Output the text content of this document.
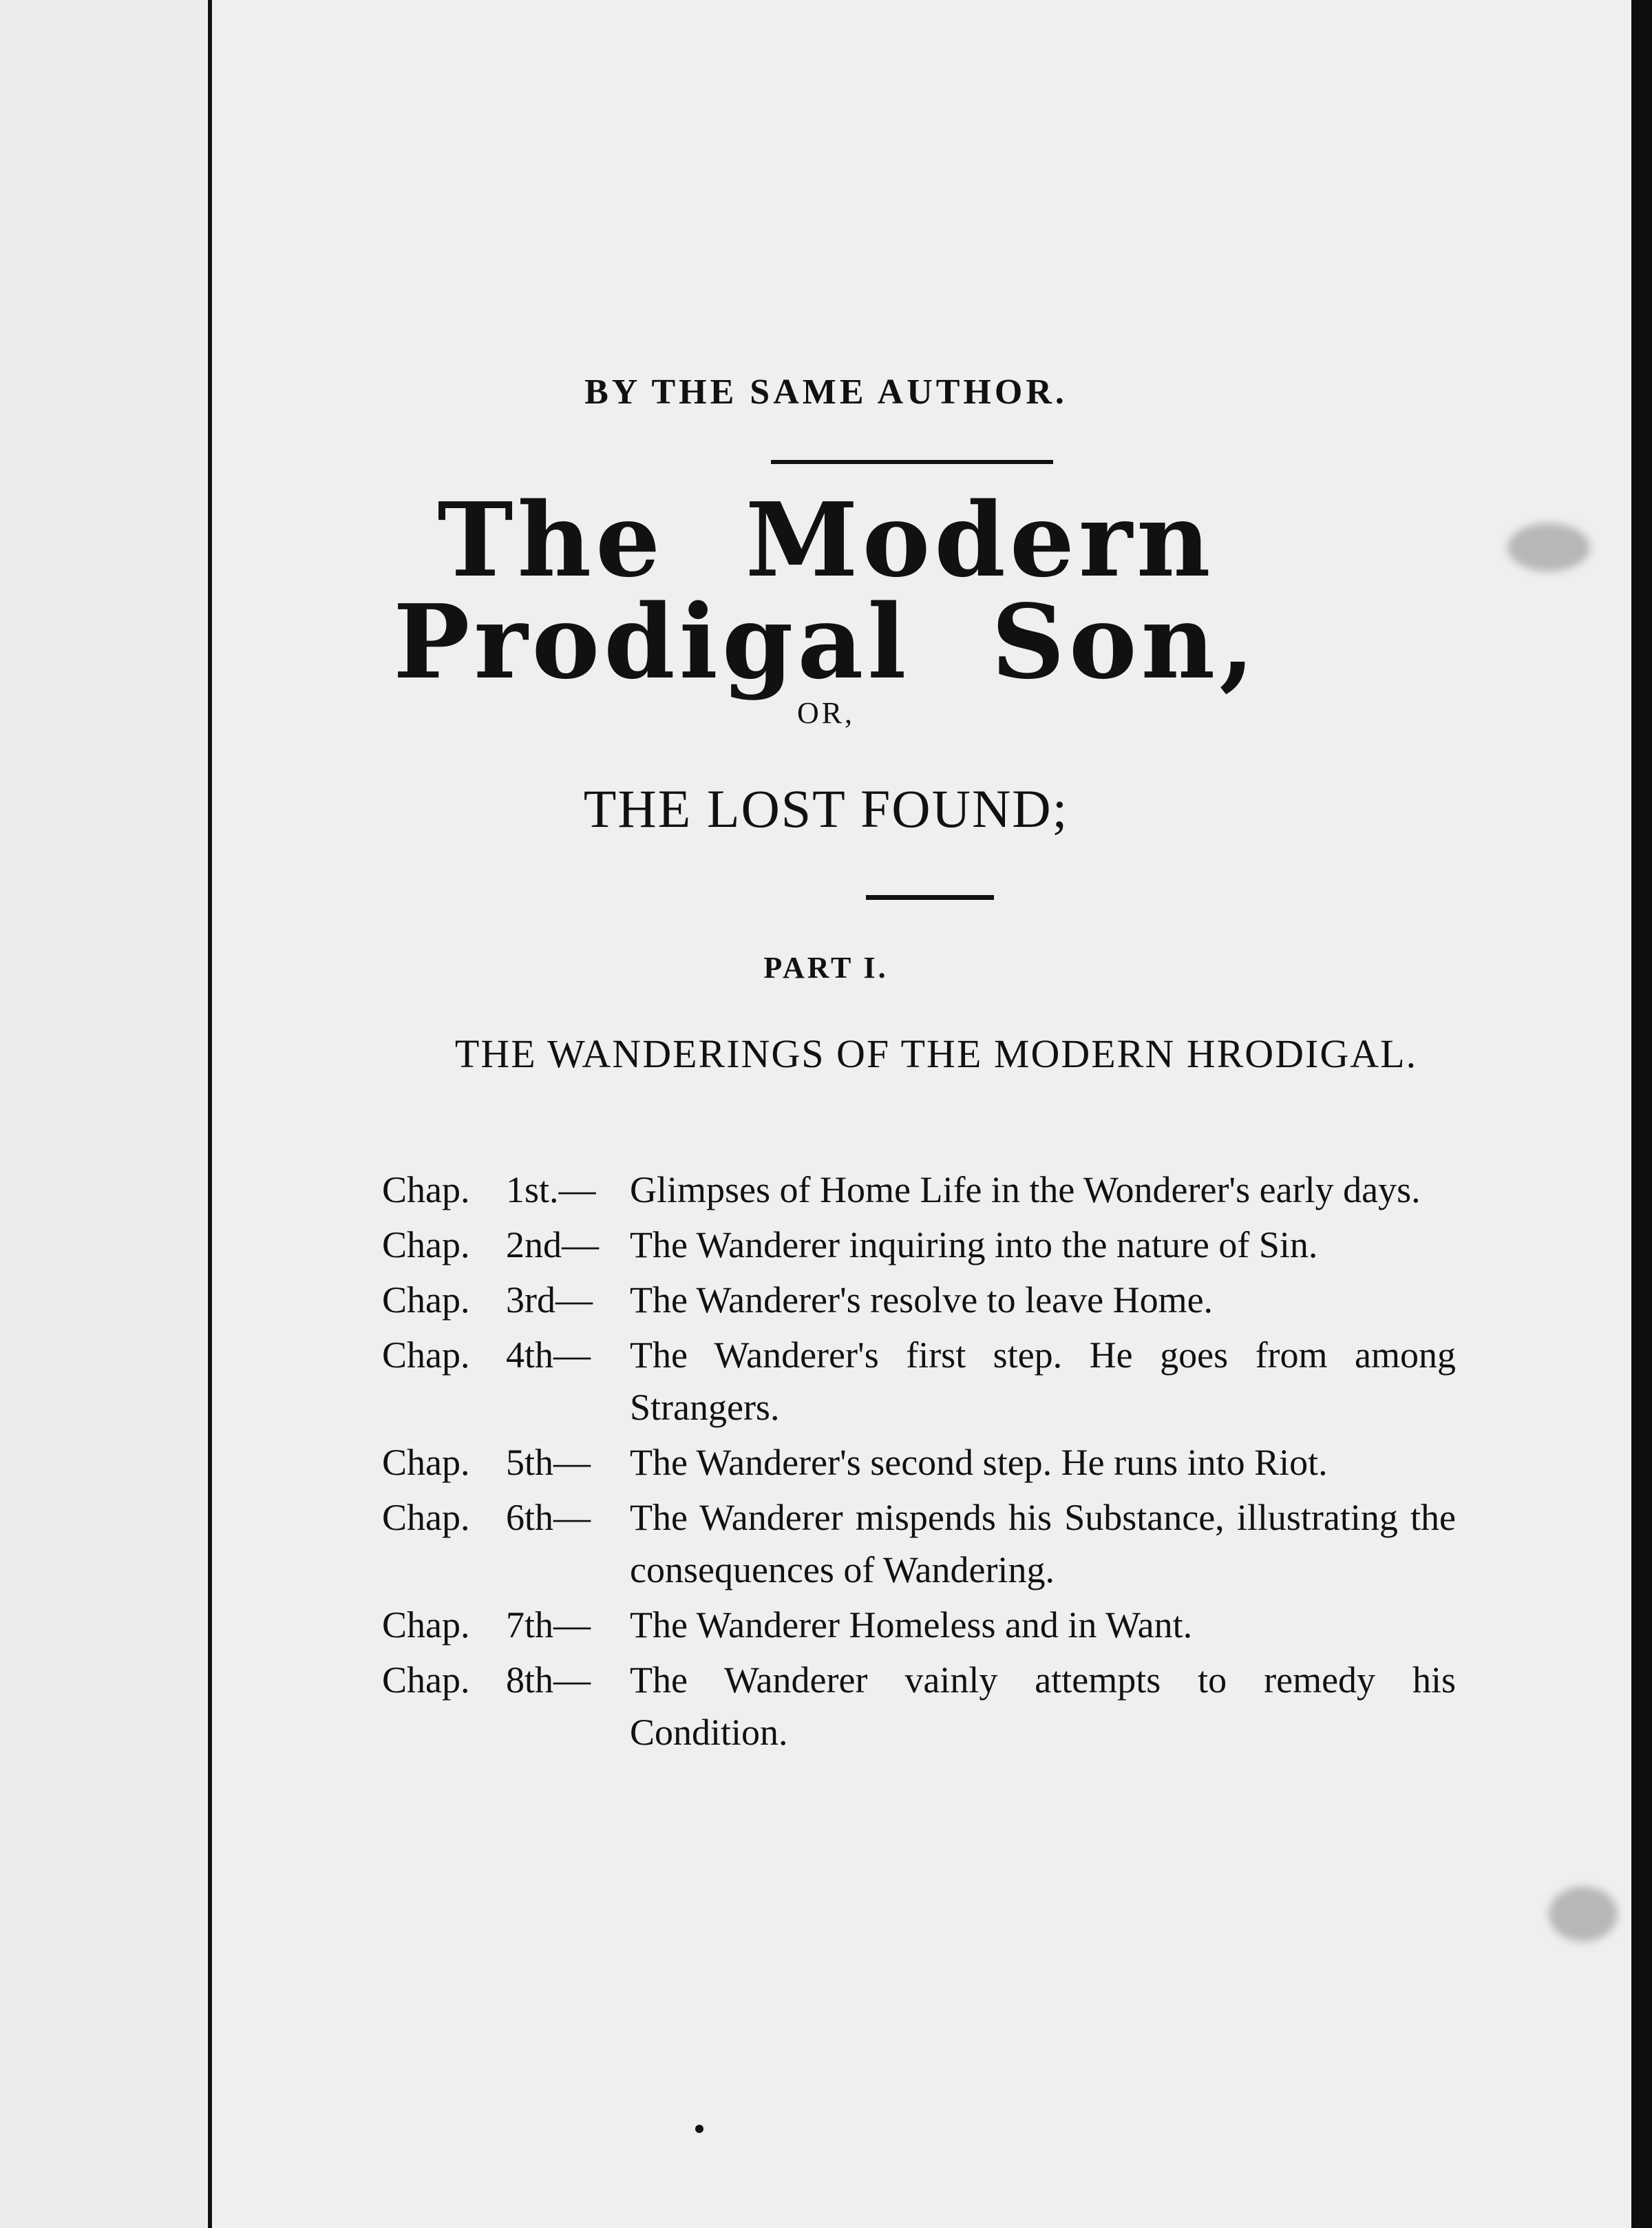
BY THE SAME AUTHOR.
The Modern Prodigal Son,
OR,
THE LOST FOUND;
PART I.
THE WANDERINGS OF THE MODERN HRODIGAL.
Chap. 1st.— Glimpses of Home Life in the Wonderer's early days.
Chap. 2nd— The Wanderer inquiring into the nature of Sin.
Chap. 3rd—	The Wanderer's resolve to leave Home.
Chap. 4th—	The Wanderer's first step. He goes from among Strangers.
Chap. 5th—	The Wanderer's second step. He runs into Riot.
Chap. 6th—	The Wanderer mispends his Substance, illustrating the consequences of Wandering.
Chap. 7th—	The Wanderer Homeless and in Want.
Chap. 8th—	The Wanderer vainly attempts to remedy his Condition.
